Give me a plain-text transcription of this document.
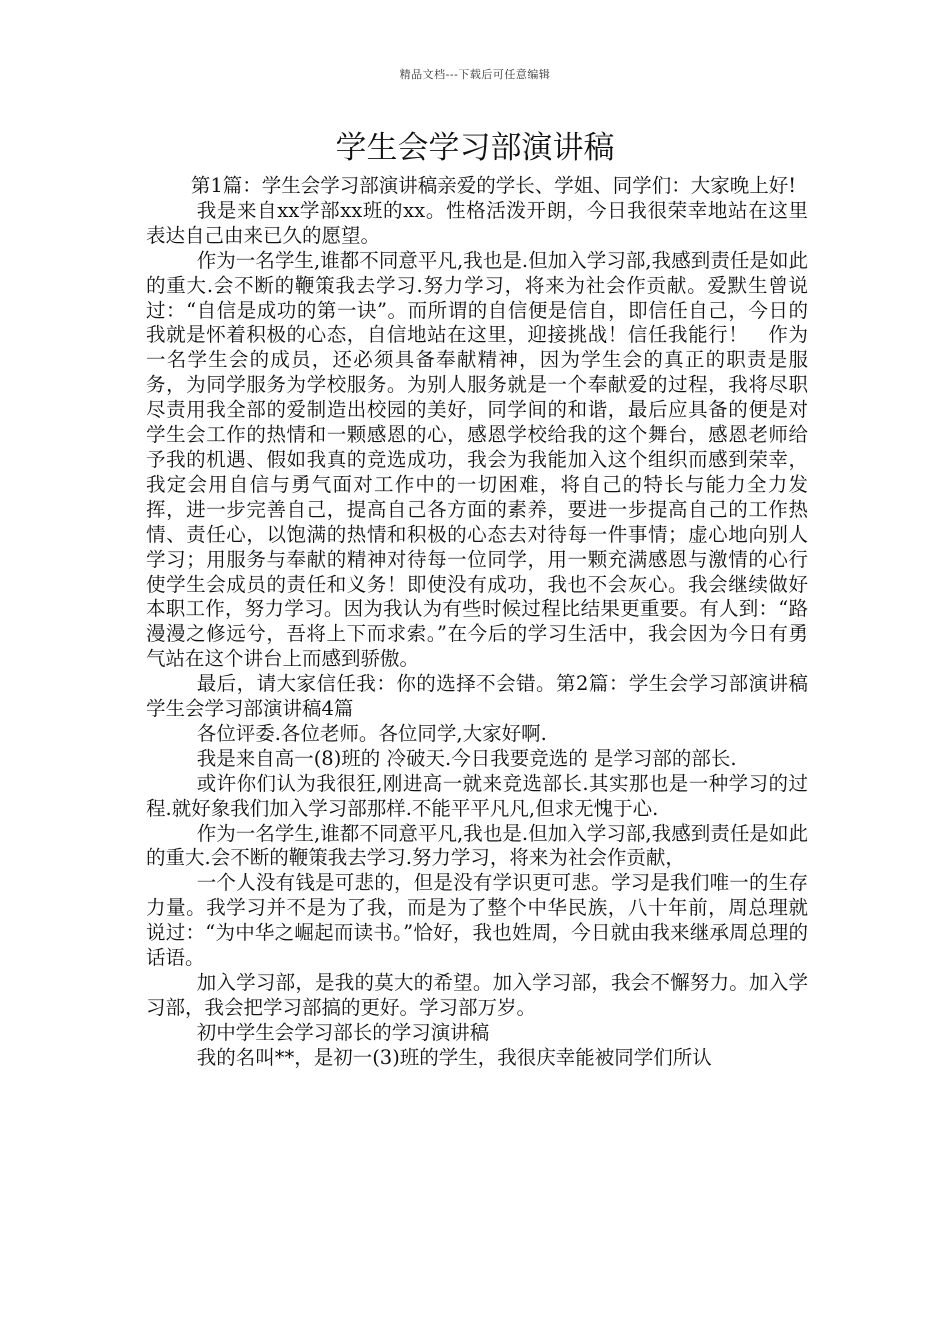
精品文档---下载后可任意编辑
学生会学习部演讲稿

第1篇：学生会学习部演讲稿亲爱的学长、学姐、同学们：大家晚上好!

我是来自xx学部xx班的xx。性格活泼开朗，今日我很荣幸地站在这里表达自己由来已久的愿望。

作为一名学生,谁都不同意平凡,我也是.但加入学习部,我感到责任是如此的重大.会不断的鞭策我去学习.努力学习，将来为社会作贡献。爱默生曾说过：“自信是成功的第一诀”。而所谓的自信便是信自，即信任自己，今日的我就是怀着积极的心态，自信地站在这里，迎接挑战！信任我能行！　作为一名学生会的成员，还必须具备奉献精神，因为学生会的真正的职责是服务，为同学服务为学校服务。为别人服务就是一个奉献爱的过程，我将尽职尽责用我全部的爱制造出校园的美好，同学间的和谐，最后应具备的便是对学生会工作的热情和一颗感恩的心，感恩学校给我的这个舞台，感恩老师给予我的机遇、假如我真的竞选成功，我会为我能加入这个组织而感到荣幸，我定会用自信与勇气面对工作中的一切困难，将自己的特长与能力全力发挥，进一步完善自己，提高自己各方面的素养，要进一步提高自己的工作热情、责任心，以饱满的热情和积极的心态去对待每一件事情；虚心地向别人学习；用服务与奉献的精神对待每一位同学，用一颗充满感恩与激情的心行使学生会成员的责任和义务！即使没有成功，我也不会灰心。我会继续做好本职工作，努力学习。因为我认为有些时候过程比结果更重要。有人到：“路漫漫之修远兮，吾将上下而求索。”在今后的学习生活中，我会因为今日有勇气站在这个讲台上而感到骄傲。

最后，请大家信任我：你的选择不会错。第2篇：学生会学习部演讲稿学生会学习部演讲稿4篇

各位评委.各位老师。各位同学,大家好啊.

我是来自高一(8)班的 冷破天.今日我要竞选的 是学习部的部长.

或许你们认为我很狂,刚进高一就来竞选部长.其实那也是一种学习的过程.就好象我们加入学习部那样.不能平平凡凡,但求无愧于心.

作为一名学生,谁都不同意平凡,我也是.但加入学习部,我感到责任是如此的重大.会不断的鞭策我去学习.努力学习，将来为社会作贡献，

一个人没有钱是可悲的，但是没有学识更可悲。学习是我们唯一的生存力量。我学习并不是为了我，而是为了整个中华民族，八十年前，周总理就说过：“为中华之崛起而读书。”恰好，我也姓周，今日就由我来继承周总理的话语。

加入学习部，是我的莫大的希望。加入学习部，我会不懈努力。加入学习部，我会把学习部搞的更好。学习部万岁。

初中学生会学习部长的学习演讲稿

我的名叫**，是初一(3)班的学生，我很庆幸能被同学们所认
